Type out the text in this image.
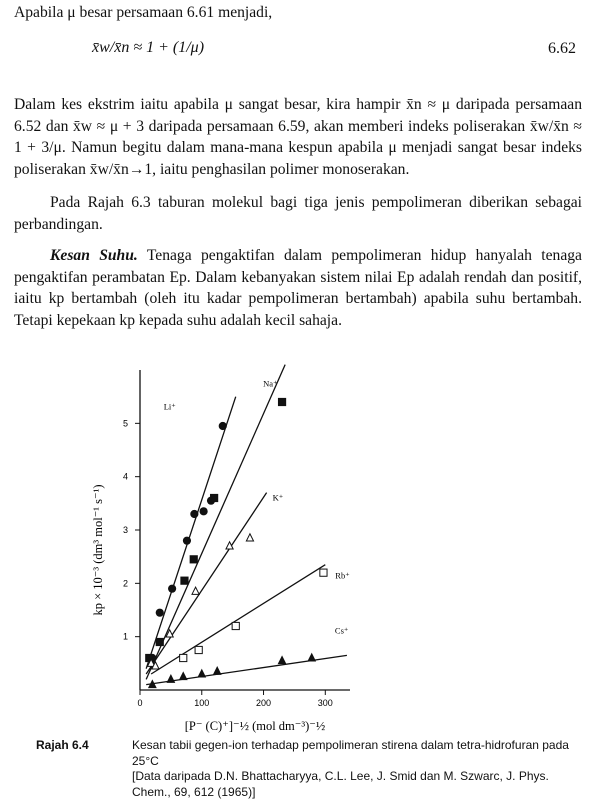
Apabila μ besar persamaan 6.61 menjadi,

x̄w/x̄n ≈ 1 + (1/μ)	6.62

Dalam kes ekstrim iaitu apabila μ sangat besar, kira hampir x̄n ≈ μ daripada persamaan 6.52 dan x̄w ≈ μ + 3 daripada persamaan 6.59, akan memberi indeks poliserakan x̄w/x̄n ≈ 1 + 3/μ. Namun begitu dalam mana-mana kespun apabila μ menjadi sangat besar indeks poliserakan x̄w/x̄n→1, iaitu penghasilan polimer monoserakan.

Pada Rajah 6.3 taburan molekul bagi tiga jenis pempolimeran diberikan sebagai perbandingan.

Kesan Suhu. Tenaga pengaktifan dalam pempolimeran hidup hanyalah tenaga pengaktifan perambatan Ep. Dalam kebanyakan sistem nilai Ep adalah rendah dan positif, iaitu kp bertambah (oleh itu kadar pempolimeran bertambah) apabila suhu bertambah. Tetapi kepekaan kp kepada suhu adalah kecil sahaja.

0	100	200	300
1
2
3
4
5
Li⁺
Na⁺
K⁺
Rb⁺
Cs⁺
[P⁻ (C)⁺]⁻½ (mol dm⁻³)⁻½
kp × 10⁻³ (dm³ mol⁻¹ s⁻¹)
Rajah 6.4	Kesan tabii gegen-ion terhadap pempolimeran stirena dalam tetra-hidrofuran pada 25°C
[Data daripada D.N. Bhattacharyya, C.L. Lee, J. Smid dan M. Szwarc, J. Phys. Chem., 69, 612 (1965)]
